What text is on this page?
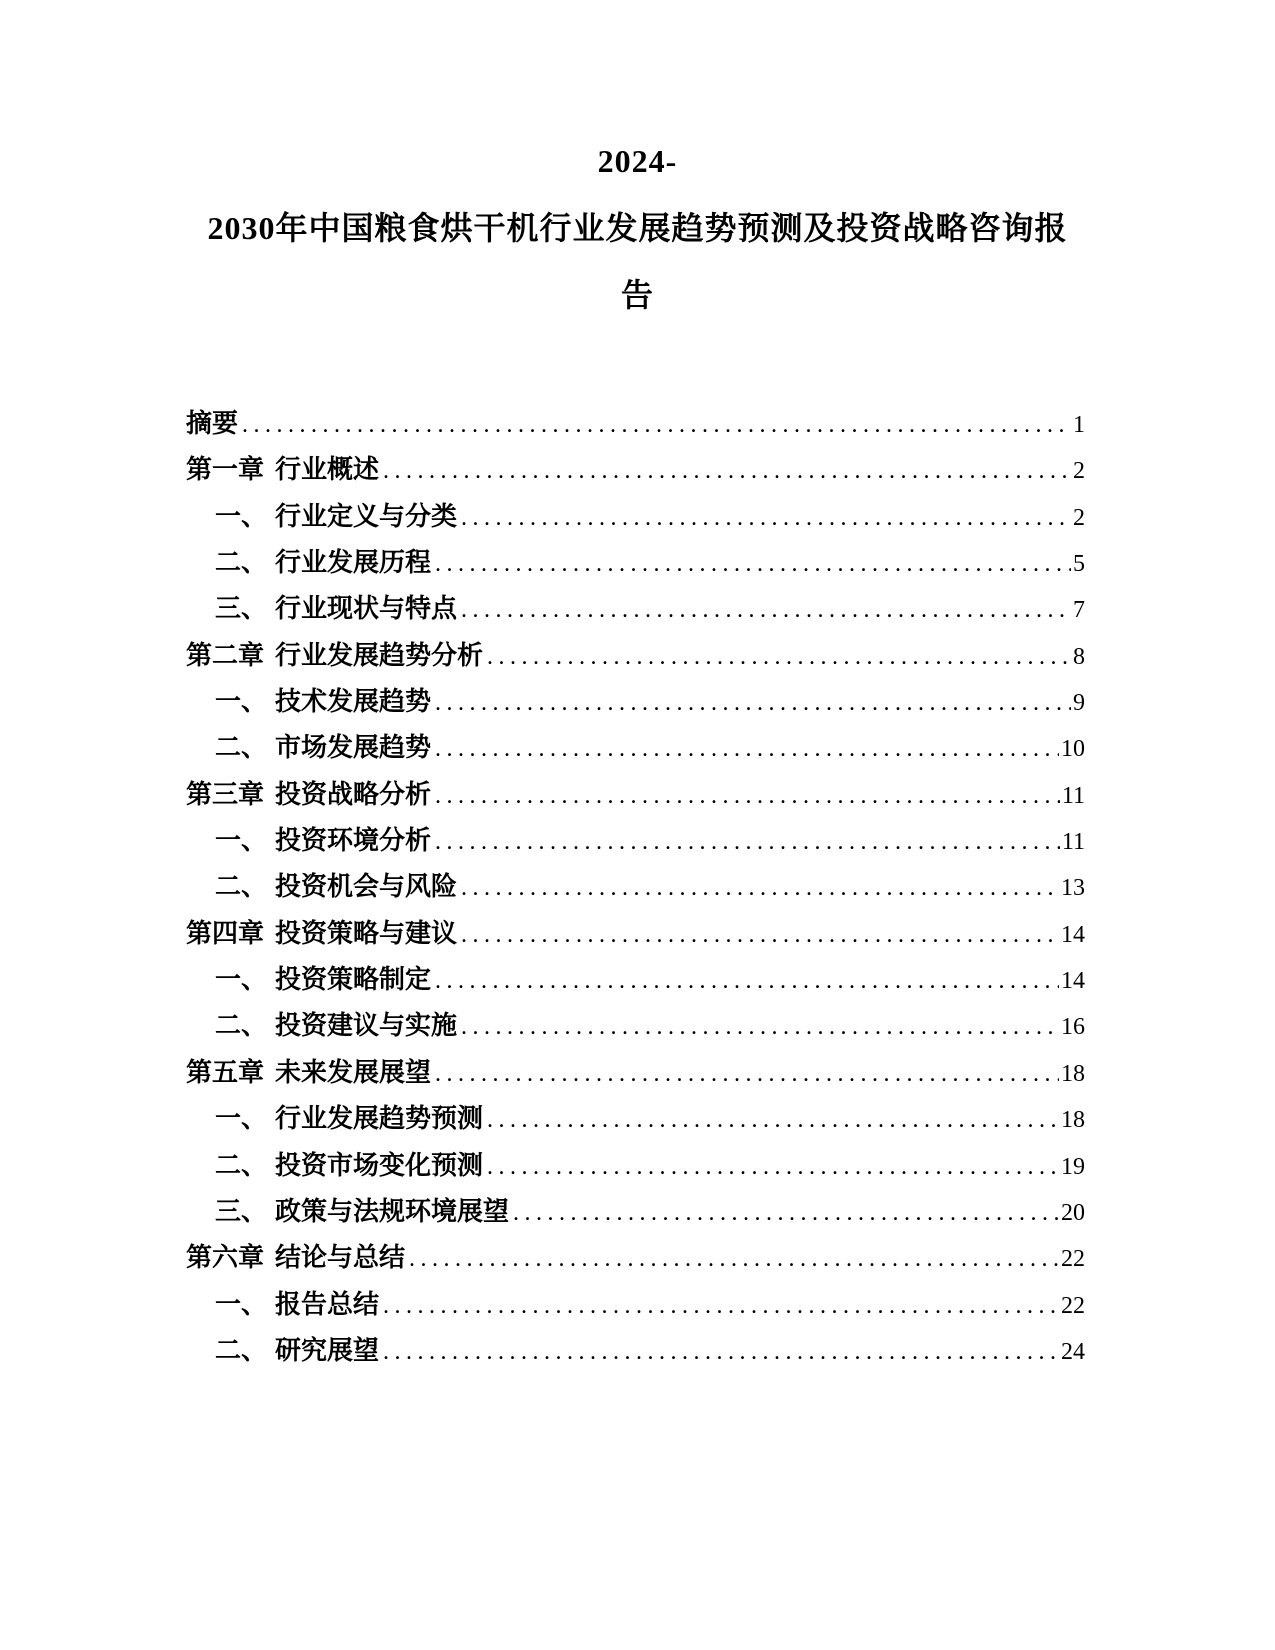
2024-
2030年中国粮食烘干机行业发展趋势预测及投资战略咨询报
告
摘要 .....	1
第一章 行业概述 .....	2
一、 行业定义与分类 .....	2
二、 行业发展历程 .....	5
三、 行业现状与特点 .....	7
第二章 行业发展趋势分析 .....	8
一、 技术发展趋势 .....	9
二、 市场发展趋势 .....	10
第三章 投资战略分析 .....	11
一、 投资环境分析 .....	11
二、 投资机会与风险 .....	13
第四章 投资策略与建议 .....	14
一、 投资策略制定 .....	14
二、 投资建议与实施 .....	16
第五章 未来发展展望 .....	18
一、 行业发展趋势预测 .....	18
二、 投资市场变化预测 .....	19
三、 政策与法规环境展望 .....	20
第六章 结论与总结 .....	22
一、 报告总结 .....	22
二、 研究展望 .....	24
